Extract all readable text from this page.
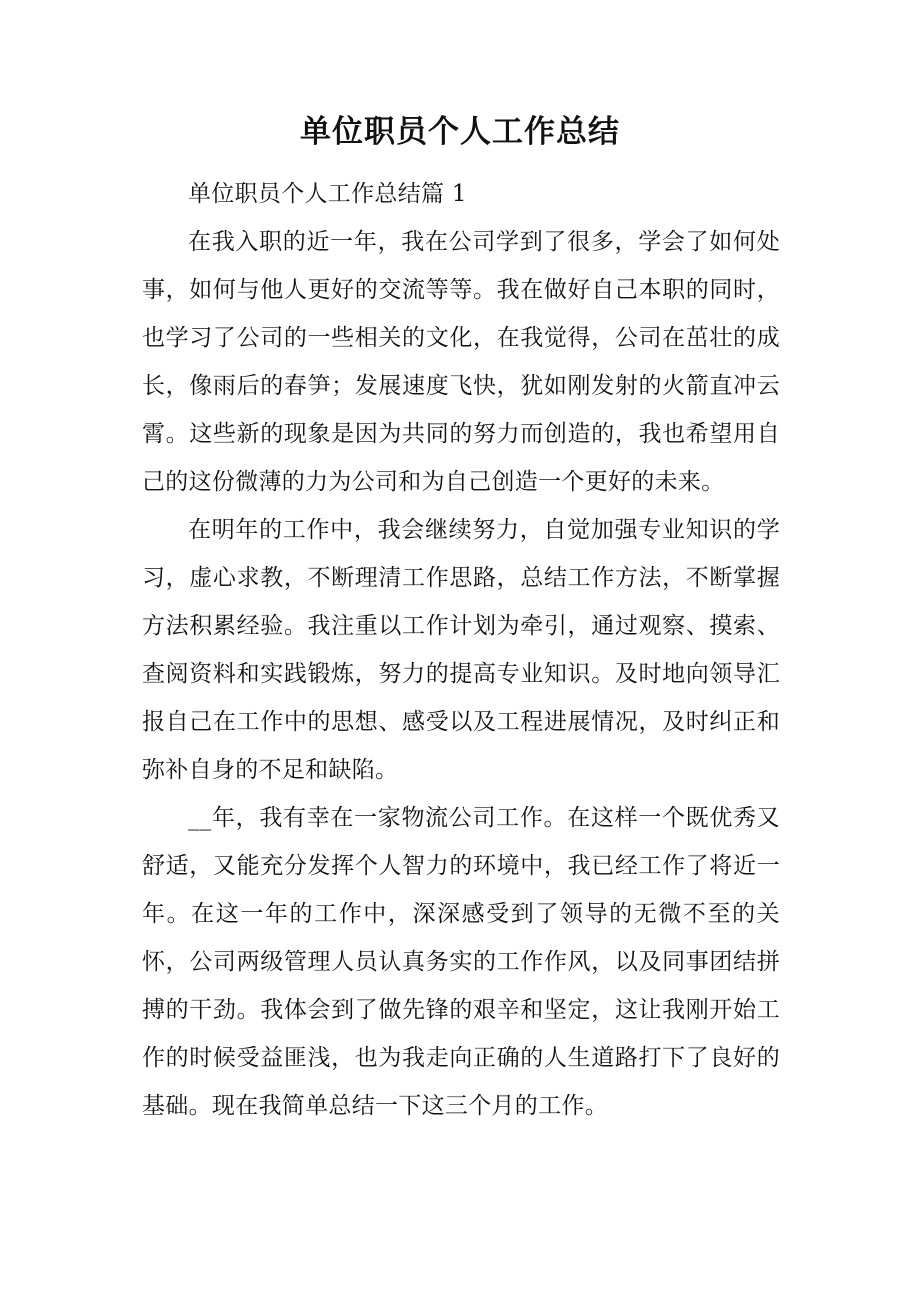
单位职员个人工作总结

单位职员个人工作总结篇 1

在我入职的近一年，我在公司学到了很多，学会了如何处事，如何与他人更好的交流等等。我在做好自己本职的同时，也学习了公司的一些相关的文化，在我觉得，公司在茁壮的成长，像雨后的春笋；发展速度飞快，犹如刚发射的火箭直冲云霄。这些新的现象是因为共同的努力而创造的，我也希望用自己的这份微薄的力为公司和为自己创造一个更好的未来。

在明年的工作中，我会继续努力，自觉加强专业知识的学习，虚心求教，不断理清工作思路，总结工作方法，不断掌握方法积累经验。我注重以工作计划为牵引，通过观察、摸索、查阅资料和实践锻炼，努力的提高专业知识。及时地向领导汇报自己在工作中的思想、感受以及工程进展情况，及时纠正和弥补自身的不足和缺陷。

__年，我有幸在一家物流公司工作。在这样一个既优秀又舒适，又能充分发挥个人智力的环境中，我已经工作了将近一年。在这一年的工作中，深深感受到了领导的无微不至的关怀，公司两级管理人员认真务实的工作作风，以及同事团结拼搏的干劲。我体会到了做先锋的艰辛和坚定，这让我刚开始工作的时候受益匪浅，也为我走向正确的人生道路打下了良好的基础。现在我简单总结一下这三个月的工作。
